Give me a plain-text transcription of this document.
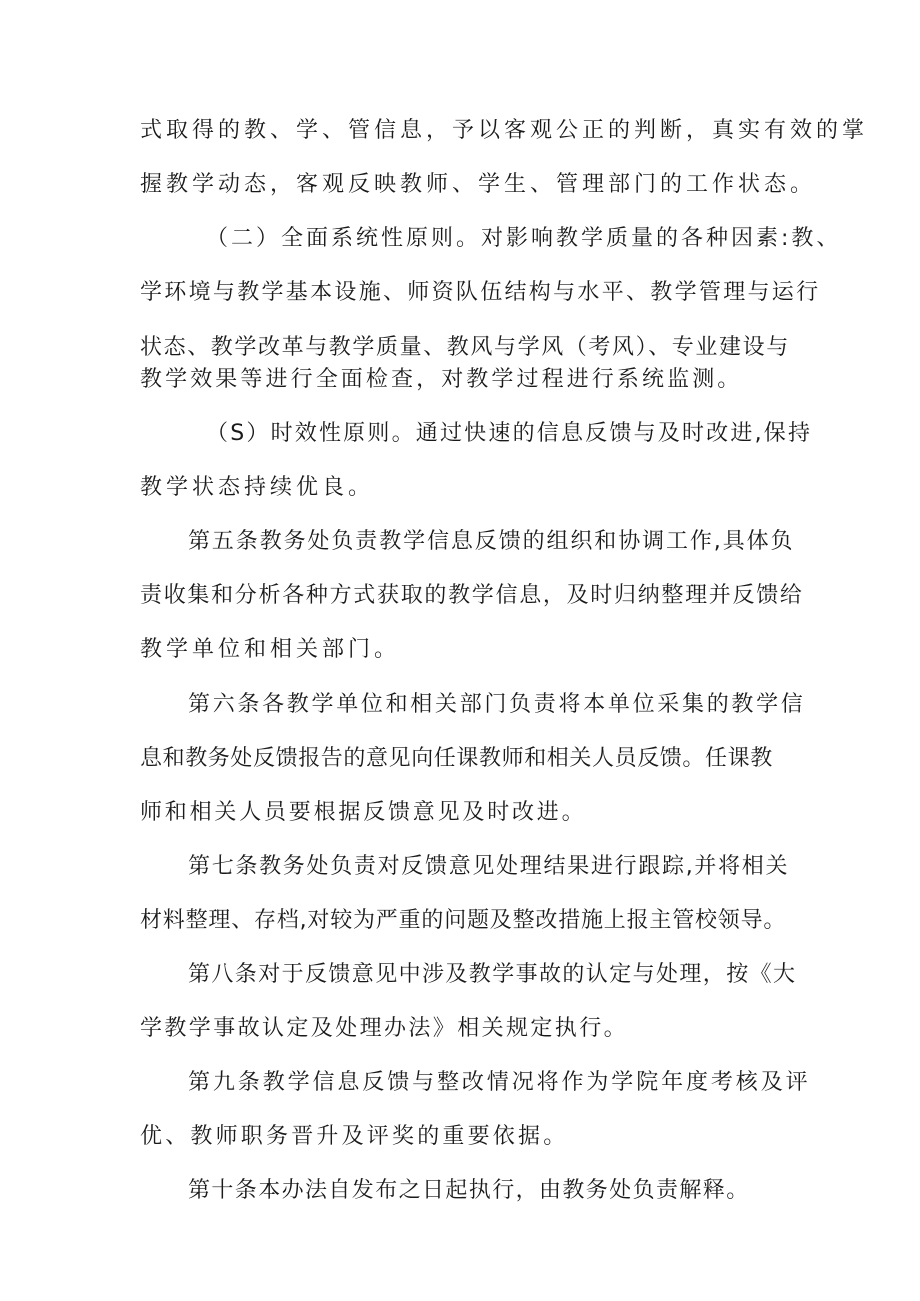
式取得的教、学、管信息，予以客观公正的判断，真实有效的掌
握教学动态，客观反映教师、学生、管理部门的工作状态。
（二）全面系统性原则。对影响教学质量的各种因素:教、
学环境与教学基本设施、师资队伍结构与水平、教学管理与运行
状态、教学改革与教学质量、教风与学风（考风）、专业建设与
教学效果等进行全面检查，对教学过程进行系统监测。
（S）时效性原则。通过快速的信息反馈与及时改进,保持
教学状态持续优良。
第五条教务处负责教学信息反馈的组织和协调工作,具体负
责收集和分析各种方式获取的教学信息，及时归纳整理并反馈给
教学单位和相关部门。
第六条各教学单位和相关部门负责将本单位采集的教学信
息和教务处反馈报告的意见向任课教师和相关人员反馈。任课教
师和相关人员要根据反馈意见及时改进。
第七条教务处负责对反馈意见处理结果进行跟踪,并将相关
材料整理、存档,对较为严重的问题及整改措施上报主管校领导。
第八条对于反馈意见中涉及教学事故的认定与处理，按《大
学教学事故认定及处理办法》相关规定执行。
第九条教学信息反馈与整改情况将作为学院年度考核及评
优、教师职务晋升及评奖的重要依据。
第十条本办法自发布之日起执行，由教务处负责解释。
